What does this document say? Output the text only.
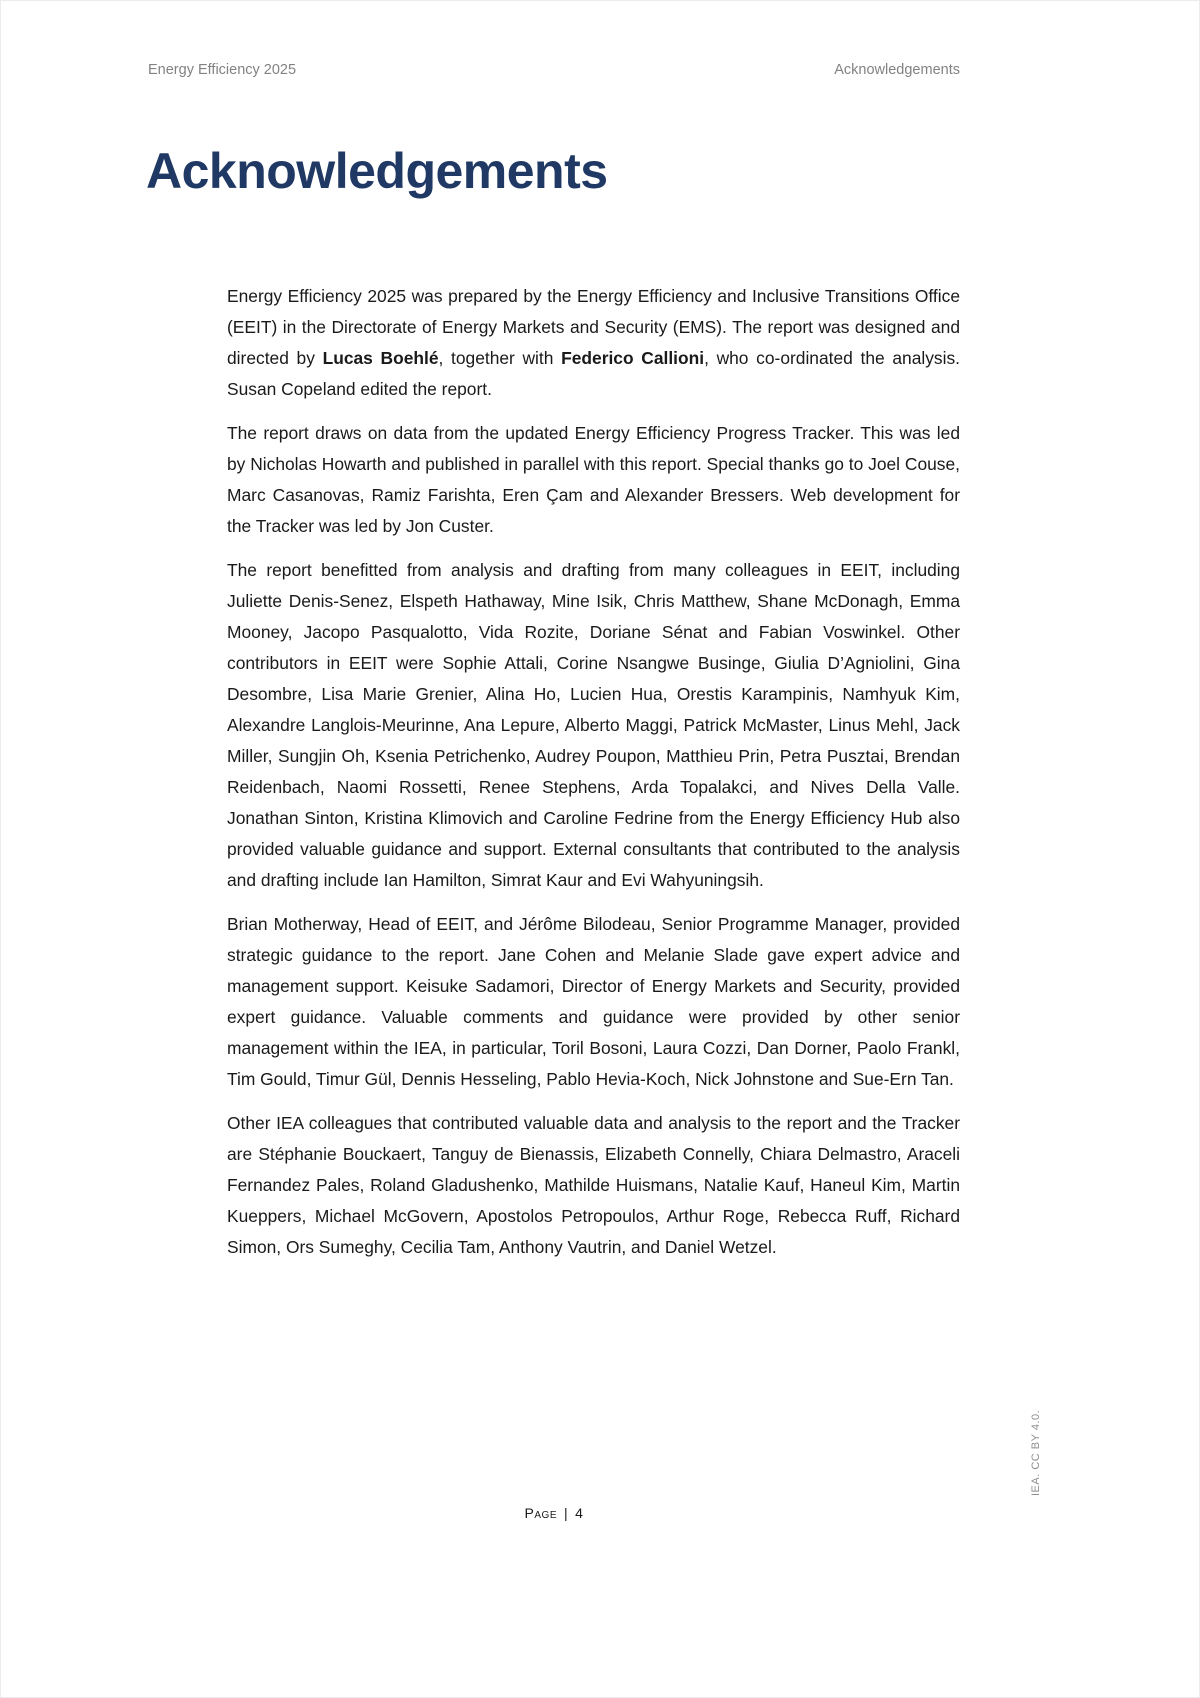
Energy Efficiency 2025	Acknowledgements
Acknowledgements

Energy Efficiency 2025 was prepared by the Energy Efficiency and Inclusive Transitions Office (EEIT) in the Directorate of Energy Markets and Security (EMS). The report was designed and directed by Lucas Boehlé, together with Federico Callioni, who co-ordinated the analysis. Susan Copeland edited the report.

The report draws on data from the updated Energy Efficiency Progress Tracker. This was led by Nicholas Howarth and published in parallel with this report. Special thanks go to Joel Couse, Marc Casanovas, Ramiz Farishta, Eren Çam and Alexander Bressers. Web development for the Tracker was led by Jon Custer.

The report benefitted from analysis and drafting from many colleagues in EEIT, including Juliette Denis-Senez, Elspeth Hathaway, Mine Isik, Chris Matthew, Shane McDonagh, Emma Mooney, Jacopo Pasqualotto, Vida Rozite, Doriane Sénat and Fabian Voswinkel. Other contributors in EEIT were Sophie Attali, Corine Nsangwe Businge, Giulia D’Agniolini, Gina Desombre, Lisa Marie Grenier, Alina Ho, Lucien Hua, Orestis Karampinis, Namhyuk Kim, Alexandre Langlois-Meurinne, Ana Lepure, Alberto Maggi, Patrick McMaster, Linus Mehl, Jack Miller, Sungjin Oh, Ksenia Petrichenko, Audrey Poupon, Matthieu Prin, Petra Pusztai, Brendan Reidenbach, Naomi Rossetti, Renee Stephens, Arda Topalakci, and Nives Della Valle. Jonathan Sinton, Kristina Klimovich and Caroline Fedrine from the Energy Efficiency Hub also provided valuable guidance and support. External consultants that contributed to the analysis and drafting include Ian Hamilton, Simrat Kaur and Evi Wahyuningsih.

Brian Motherway, Head of EEIT, and Jérôme Bilodeau, Senior Programme Manager, provided strategic guidance to the report. Jane Cohen and Melanie Slade gave expert advice and management support. Keisuke Sadamori, Director of Energy Markets and Security, provided expert guidance. Valuable comments and guidance were provided by other senior management within the IEA, in particular, Toril Bosoni, Laura Cozzi, Dan Dorner, Paolo Frankl, Tim Gould, Timur Gül, Dennis Hesseling, Pablo Hevia-Koch, Nick Johnstone and Sue-Ern Tan.

Other IEA colleagues that contributed valuable data and analysis to the report and the Tracker are Stéphanie Bouckaert, Tanguy de Bienassis, Elizabeth Connelly, Chiara Delmastro, Araceli Fernandez Pales, Roland Gladushenko, Mathilde Huismans, Natalie Kauf, Haneul Kim, Martin Kueppers, Michael McGovern, Apostolos Petropoulos, Arthur Roge, Rebecca Ruff, Richard Simon, Ors Sumeghy, Cecilia Tam, Anthony Vautrin, and Daniel Wetzel.

Page | 4
IEA. CC BY 4.0.
